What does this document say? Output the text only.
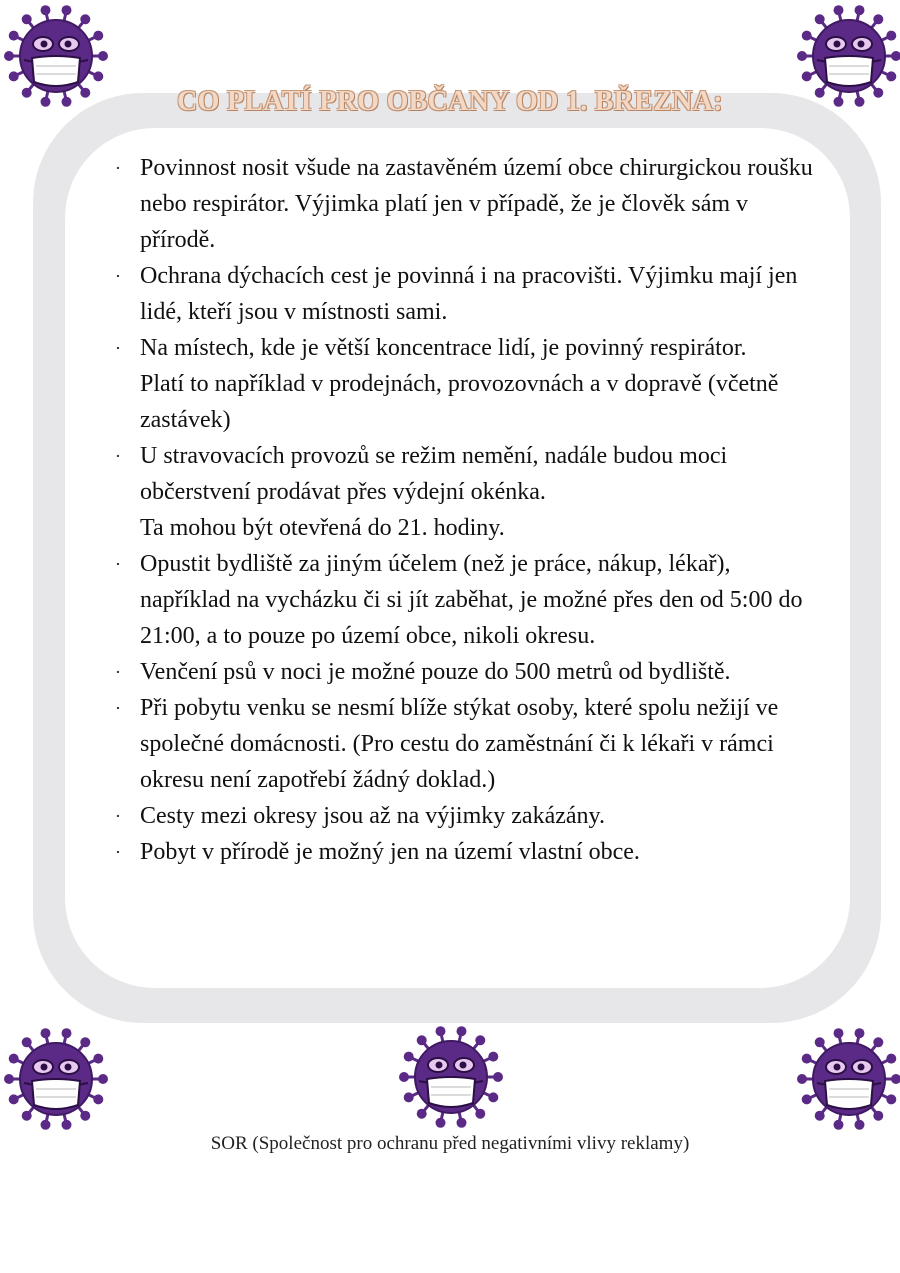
CO PLATÍ PRO OBČANY OD 1. BŘEZNA:
· Povinnost nosit všude na zastavěném území obce chirurgickou roušku nebo respirátor. Výjimka platí jen v případě, že je člověk sám v přírodě.
· Ochrana dýchacích cest je povinná i na pracovišti. Výjimku mají jen lidé, kteří jsou v místnosti sami.
· Na místech, kde je větší koncentrace lidí, je povinný respirátor.
Platí to například v prodejnách, provozovnách a v dopravě (včetně zastávek)
· U stravovacích provozů se režim nemění, nadále budou moci občerstvení prodávat přes výdejní okénka.
Ta mohou být otevřená do 21. hodiny.
· Opustit bydliště za jiným účelem (než je práce, nákup, lékař), například na vycházku či si jít zaběhat, je možné přes den od 5:00 do 21:00, a to pouze po území obce, nikoli okresu.
· Venčení psů v noci je možné pouze do 500 metrů od bydliště.
· Při pobytu venku se nesmí blíže stýkat osoby, které spolu nežijí ve společné domácnosti. (Pro cestu do zaměstnání či k lékaři v rámci okresu není zapotřebí žádný doklad.)
· Cesty mezi okresy jsou až na výjimky zakázány.
· Pobyt v přírodě je možný jen na území vlastní obce.
SOR (Společnost pro ochranu před negativními vlivy reklamy)
